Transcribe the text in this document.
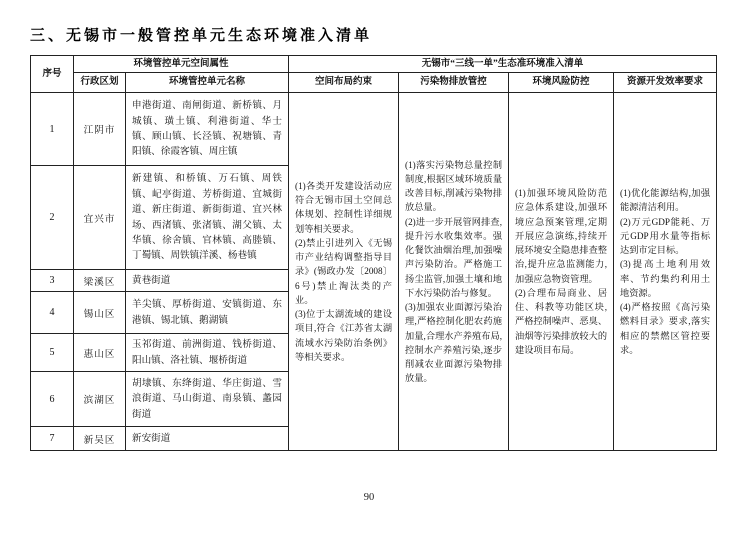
三、无锡市一般管控单元生态环境准入清单
序号	环境管控单元空间属性		无锡市“三线一单”生态准环境准入清单			
	行政区划	环境管控单元名称	空间布局约束	污染物排放管控	环境风险防控	资源开发效率要求
1	江阴市	申港街道、南闸街道、新桥镇、月城镇、璜土镇、利港街道、华士镇、顾山镇、长泾镇、祝塘镇、青阳镇、徐霞客镇、周庄镇	
(1)各类开发建设活动应符合无锡市国土空间总体规划、控制性详细规划等相关要求。
(2)禁止引进列入《无锡市产业结构调整指导目录》(锡政办发〔2008〕6号)禁止淘汰类的产业。
(3)位于太湖流域的建设项目,符合《江苏省太湖流域水污染防治条例》等相关要求。

(1)落实污染物总量控制制度,根据区域环境质量改善目标,削减污染物排放总量。
(2)进一步开展管网排查,提升污水收集效率。强化餐饮油烟治理,加强噪声污染防治。严格施工扬尘监管,加强土壤和地下水污染防治与修复。
(3)加强农业面源污染治理,严格控制化肥农药施加量,合理水产养殖布局,控制水产养殖污染,逐步削减农业面源污染物排放量。

(1)加强环境风险防范应急体系建设,加强环境应急预案管理,定期开展应急演练,持续开展环境安全隐患排查整治,提升应急监测能力,加强应急物资管理。
(2)合理布局商业、居住、科教等功能区块,严格控制噪声、恶臭、油烟等污染排放较大的建设项目布局。

(1)优化能源结构,加强能源清洁利用。
(2)万元GDP能耗、万元GDP用水量等指标达到市定目标。
(3)提高土地利用效率、节约集约利用土地资源。
(4)严格按照《高污染燃料目录》要求,落实相应的禁燃区管控要求。

2	宜兴市	新建镇、和桥镇、万石镇、周铁镇、屺亭街道、芳桥街道、宜城街道、新庄街道、新街街道、宜兴林场、西渚镇、张渚镇、湖父镇、太华镇、徐舍镇、官林镇、高塍镇、丁蜀镇、周铁镇洋溪、杨巷镇				
3	梁溪区	黄巷街道				
4	锡山区	羊尖镇、厚桥街道、安镇街道、东港镇、锡北镇、鹅湖镇				
5	惠山区	玉祁街道、前洲街道、钱桥街道、阳山镇、洛社镇、堰桥街道				
6	滨湖区	胡埭镇、东绛街道、华庄街道、雪浪街道、马山街道、南泉镇、蠡园街道				
7	新吴区	新安街道				
90
